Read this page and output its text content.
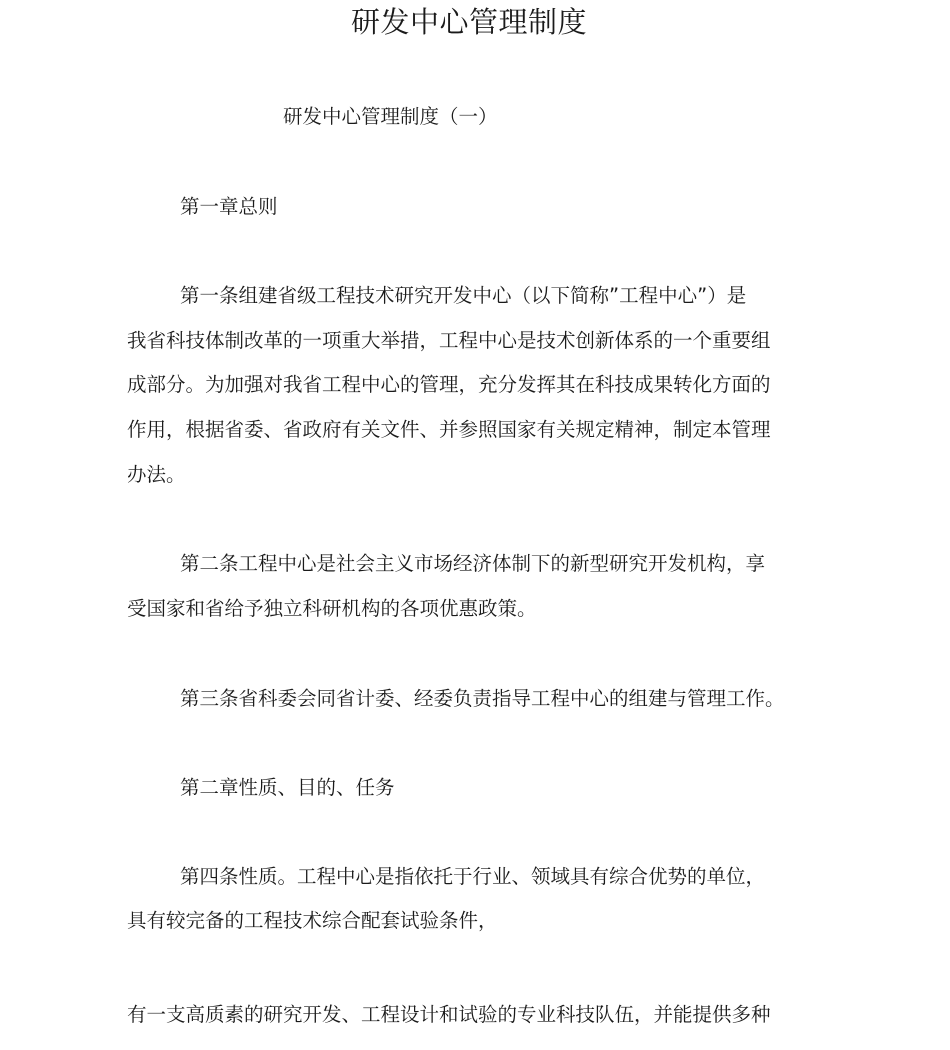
研发中心管理制度

研发中心管理制度（一）

第一章总则

第一条组建省级工程技术研究开发中心（以下简称”工程中心”）是

我省科技体制改革的一项重大举措，工程中心是技术创新体系的一个重要组

成部分。为加强对我省工程中心的管理，充分发挥其在科技成果转化方面的

作用，根据省委、省政府有关文件、并参照国家有关规定精神，制定本管理

办法。

第二条工程中心是社会主义市场经济体制下的新型研究开发机构，享

受国家和省给予独立科研机构的各项优惠政策。

第三条省科委会同省计委、经委负责指导工程中心的组建与管理工作。

第二章性质、目的、任务

第四条性质。工程中心是指依托于行业、领域具有综合优势的单位，

具有较完备的工程技术综合配套试验条件，

有一支高质素的研究开发、工程设计和试验的专业科技队伍，并能提供多种
